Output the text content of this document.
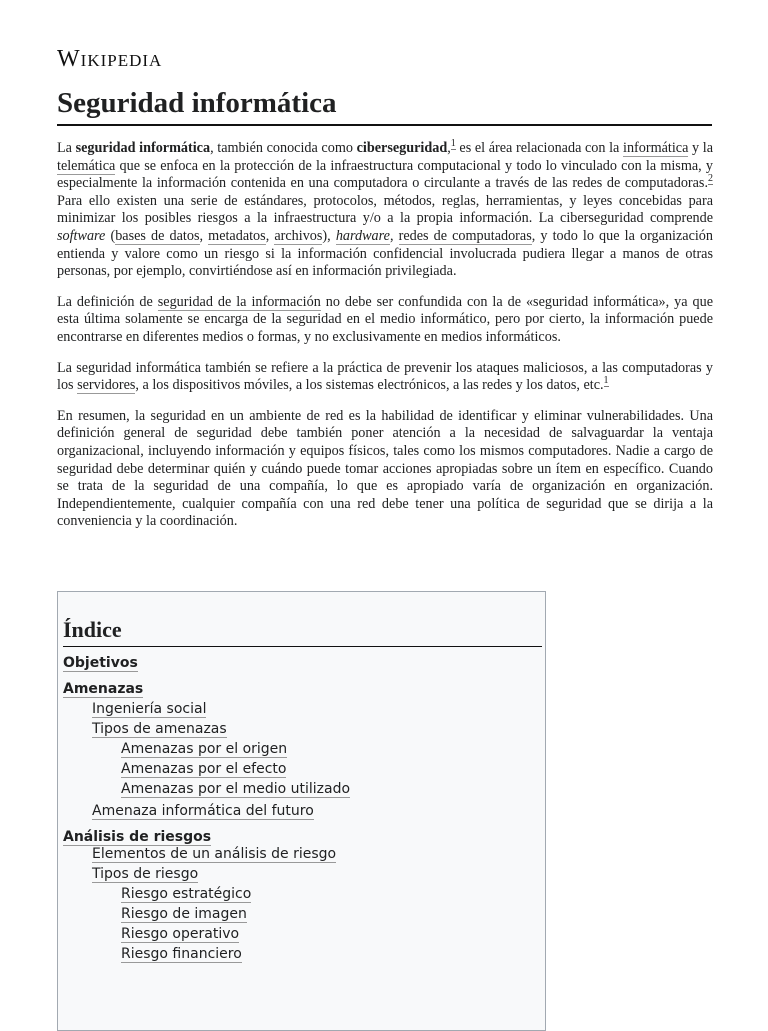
Wikipedia
Seguridad informática

La seguridad informática, también conocida como ciberseguridad,$^1$ es el área relacionada con la informática y la telemática que se enfoca en la protección de la infraestructura computacional y todo lo vinculado con la misma, y especialmente la información contenida en una computadora o circulante a través de las redes de computadoras.$^2$ Para ello existen una serie de estándares, protocolos, métodos, reglas, herramientas, y leyes concebidas para minimizar los posibles riesgos a la infraestructura y/o a la propia información. La ciberseguridad comprende software (bases de datos, metadatos, archivos), hardware, redes de computadoras, y todo lo que la organización entienda y valore como un riesgo si la información confidencial involucrada pudiera llegar a manos de otras personas, por ejemplo, convirtiéndose así en información privilegiada.

La definición de seguridad de la información no debe ser confundida con la de «seguridad informática», ya que esta última solamente se encarga de la seguridad en el medio informático, pero por cierto, la información puede encontrarse en diferentes medios o formas, y no exclusivamente en medios informáticos.

La seguridad informática también se refiere a la práctica de prevenir los ataques maliciosos, a las computadoras y los servidores, a los dispositivos móviles, a los sistemas electrónicos, a las redes y los datos, etc.$^1$

En resumen, la seguridad en un ambiente de red es la habilidad de identificar y eliminar vulnerabilidades. Una definición general de seguridad debe también poner atención a la necesidad de salvaguardar la ventaja organizacional, incluyendo información y equipos físicos, tales como los mismos computadores. Nadie a cargo de seguridad debe determinar quién y cuándo puede tomar acciones apropiadas sobre un ítem en específico. Cuando se trata de la seguridad de una compañía, lo que es apropiado varía de organización en organización. Independientemente, cualquier compañía con una red debe tener una política de seguridad que se dirija a la conveniencia y la coordinación.

Índice
Objetivos
Amenazas
Ingeniería social
Tipos de amenazas
Amenazas por el origen
Amenazas por el efecto
Amenazas por el medio utilizado
Amenaza informática del futuro
Análisis de riesgos
Elementos de un análisis de riesgo
Tipos de riesgo
Riesgo estratégico
Riesgo de imagen
Riesgo operativo
Riesgo financiero
